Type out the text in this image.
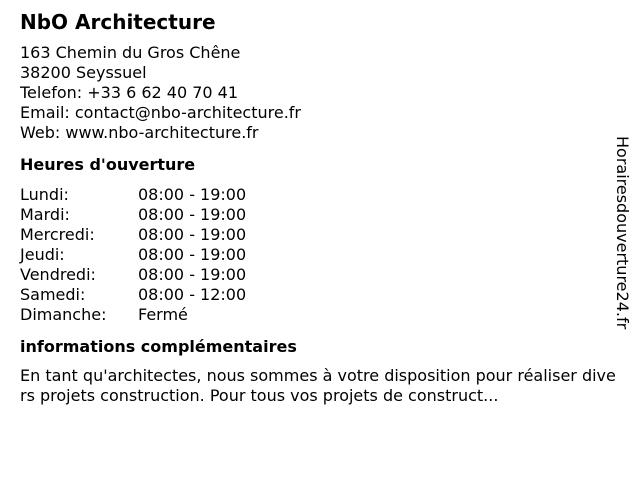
NbO Architecture
163 Chemin du Gros Chêne
38200 Seyssuel
Telefon: +33 6 62 40 70 41
Email: contact@nbo-architecture.fr
Web: www.nbo-architecture.fr
Heures d'ouverture
Lundi:	08:00 - 19:00
Mardi:	08:00 - 19:00
Mercredi:	08:00 - 19:00
Jeudi:	08:00 - 19:00
Vendredi:	08:00 - 19:00
Samedi:	08:00 - 12:00
Dimanche:	Fermé
informations complémentaires
En tant qu'architectes, nous sommes à votre disposition pour réaliser divers projets construction. Pour tous vos projets de construct...
Horairesdouverture24.fr
